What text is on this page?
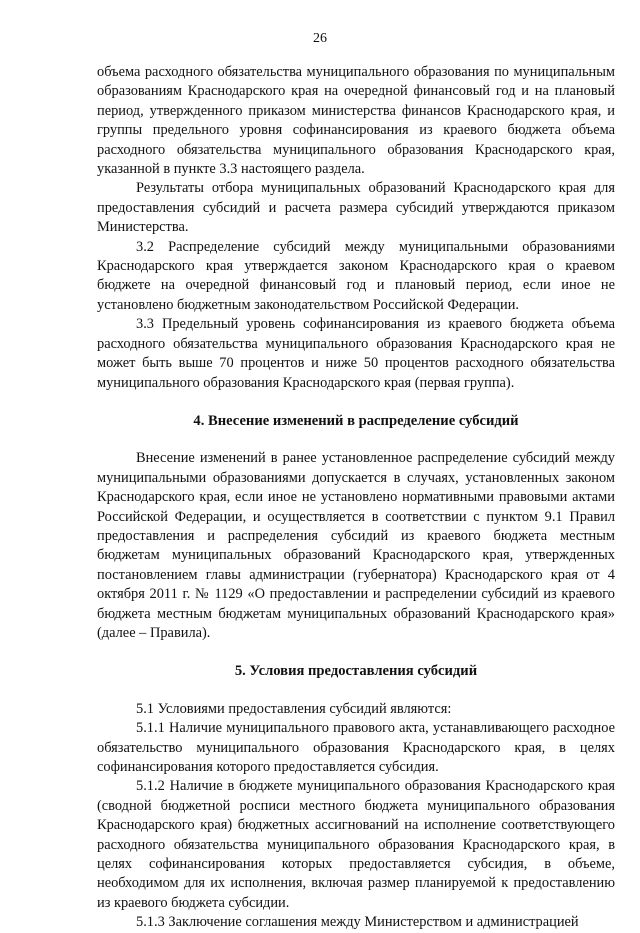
26

объема расходного обязательства муниципального образования по муниципальным образованиям Краснодарского края на очередной финансовый год и на плановый период, утвержденного приказом министерства финансов Краснодарского края, и группы предельного уровня софинансирования из краевого бюджета объема расходного обязательства муниципального образования Краснодарского края, указанной в пункте 3.3 настоящего раздела.

Результаты отбора муниципальных образований Краснодарского края для предоставления субсидий и расчета размера субсидий утверждаются приказом Министерства.

3.2 Распределение субсидий между муниципальными образованиями Краснодарского края утверждается законом Краснодарского края о краевом бюджете на очередной финансовый год и плановый период, если иное не установлено бюджетным законодательством Российской Федерации.

3.3 Предельный уровень софинансирования из краевого бюджета объема расходного обязательства муниципального образования Краснодарского края не может быть выше 70 процентов и ниже 50 процентов расходного обязательства муниципального образования Краснодарского края (первая группа).

4. Внесение изменений в распределение субсидий

Внесение изменений в ранее установленное распределение субсидий между муниципальными образованиями допускается в случаях, установленных законом Краснодарского края, если иное не установлено нормативными правовыми актами Российской Федерации, и осуществляется в соответствии с пунктом 9.1 Правил предоставления и распределения субсидий из краевого бюджета местным бюджетам муниципальных образований Краснодарского края, утвержденных постановлением главы администрации (губернатора) Краснодарского края от 4 октября 2011 г. № 1129 «О предоставлении и распределении субсидий из краевого бюджета местным бюджетам муниципальных образований Краснодарского края» (далее – Правила).

5. Условия предоставления субсидий

5.1 Условиями предоставления субсидий являются:

5.1.1 Наличие муниципального правового акта, устанавливающего расходное обязательство муниципального образования Краснодарского края, в целях софинансирования которого предоставляется субсидия.

5.1.2 Наличие в бюджете муниципального образования Краснодарского края (сводной бюджетной росписи местного бюджета муниципального образования Краснодарского края) бюджетных ассигнований на исполнение соответствующего расходного обязательства муниципального образования Краснодарского края, в целях софинансирования которых предоставляется субсидия, в объеме, необходимом для их исполнения, включая размер планируемой к предоставлению из краевого бюджета субсидии.

5.1.3 Заключение соглашения между Министерством и администрацией
